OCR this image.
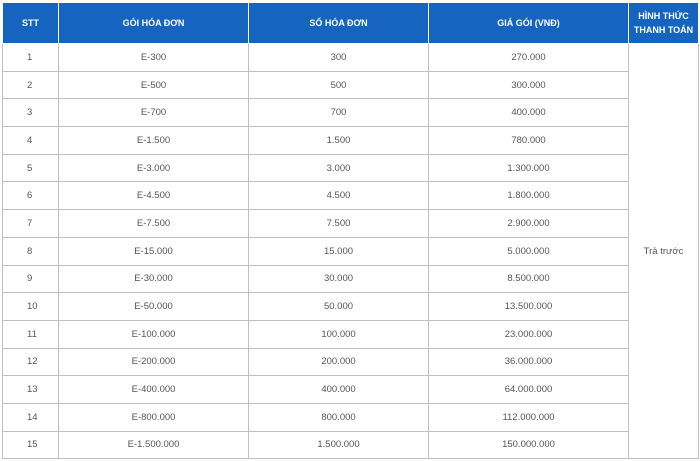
STT	GÓI HÓA ĐƠN	SỐ HÓA ĐƠN	GIÁ GÓI (VNĐ)	HÌNH THỨC
THANH TOÁN

1	E-300	300	270.000	Trả trước
2	E-500	500	300.000	
3	E-700	700	400.000	
4	E-1.500	1.500	780.000	
5	E-3.000	3.000	1.300.000	
6	E-4.500	4.500	1.800.000	
7	E-7.500	7.500	2.900.000	
8	E-15.000	15.000	5.000.000	
9	E-30.000	30.000	8.500.000	
10	E-50.000	50.000	13.500.000	
11	E-100.000	100.000	23.000.000	
12	E-200.000	200.000	36.000.000	
13	E-400.000	400.000	64.000.000	
14	E-800.000	800.000	112.000.000	
15	E-1.500.000	1.500.000	150.000.000	
